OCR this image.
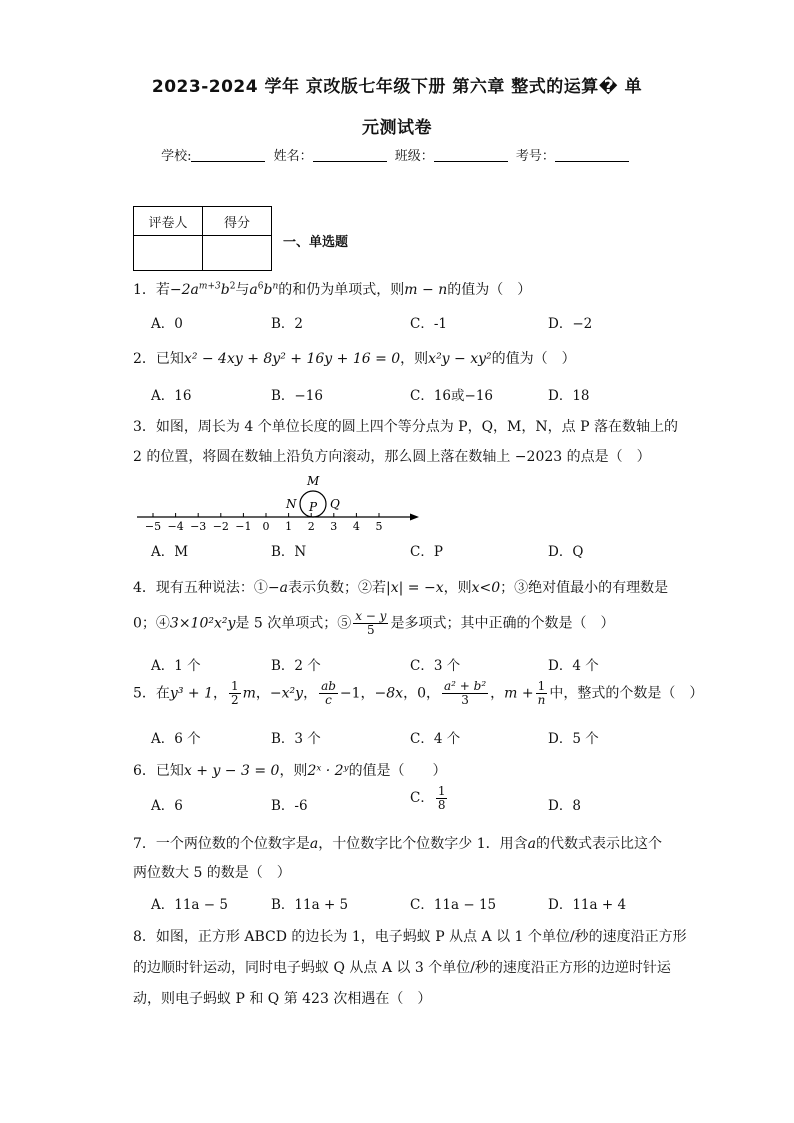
2023-2024 学年 京改版七年级下册 第六章 整式的运算� 单
元测试卷
学校:	姓名：	班级：	考号：
评卷人	得分

一、单选题
1．若$-2a^{m+3}b^2$与$a^6b^n$的和仍为单项式，则m − n的值为（　）
A．0	B．2	C．-1	D．−2
2．已知x² − 4xy + 8y² + 16y + 16 = 0，则x²y − xy²的值为（　）
A．16	B．−16	C．16或−16	D．18
3．如图，周长为 4 个单位长度的圆上四个等分点为 P，Q，M，N，点 P 落在数轴上的
2 的位置，将圆在数轴上沿负方向滚动，那么圆上落在数轴上 −2023 的点是（　）
−5 −4 −3 −2 −1 0 1 2 3 4 5
M
N P Q
A．M	B．N	C．P	D．Q
4．现有五种说法：①−a表示负数；②若|x| = −x，则x<0；③绝对值最小的有理数是
0；④3×10²x²y是 5 次单项式；⑤ $\frac{x - y}{5}$ 是多项式；其中正确的个数是（　）
A．1 个	B．2 个	C．3 个	D．4 个
5．在y³ + 1， $\frac{1}{2}$ m，−x²y， $\frac{ab}{c} -1$，−8x，0， $\frac{\text{a² + b²}}{3}$ ，$m + \frac{1}{n}$ 中，整式的个数是（　）
A．6 个	B．3 个	C．4 个	D．5 个
6．已知x + y − 3 = 0，则2ˣ · 2ʸ的值是（　　）
A．6	B．-6	C． $\frac{1}{8}$	D．8
7．一个两位数的个位数字是a，十位数字比个位数字少 1．用含a的代数式表示比这个
两位数大 5 的数是（　）
A．11a − 5	B．11a + 5	C．11a − 15	D．11a + 4
8．如图，正方形 ABCD 的边长为 1，电子蚂蚁 P 从点 A 以 1 个单位/秒的速度沿正方形
的边顺时针运动，同时电子蚂蚁 Q 从点 A 以 3 个单位/秒的速度沿正方形的边逆时针运
动，则电子蚂蚁 P 和 Q 第 423 次相遇在（　）
